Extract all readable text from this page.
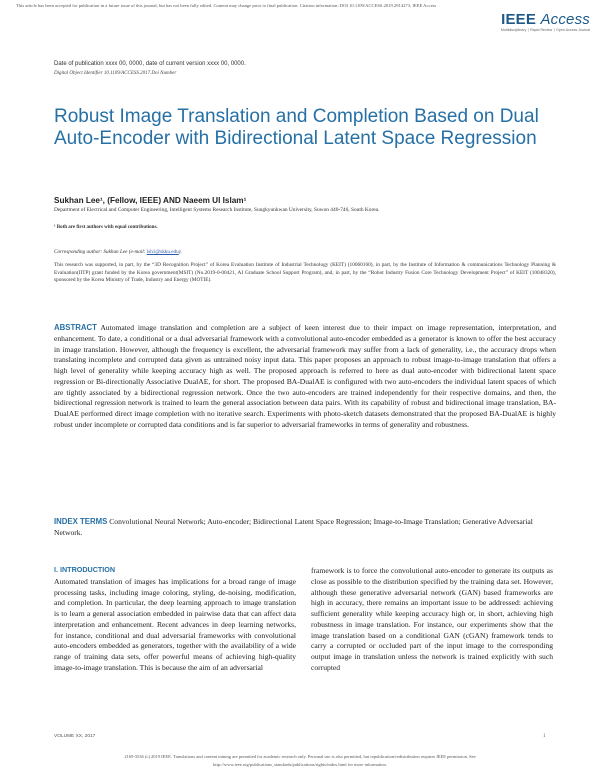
This article has been accepted for publication in a future issue of this journal, but has not been fully edited. Content may change prior to final publication. Citation information: DOI 10.1109/ACCESS.2019.2914273, IEEE Access
IEEE Access
Multidisciplinary ∣ Rapid Review ∣ Open Access Journal
Date of publication xxxx 00, 0000, date of current version xxxx 00, 0000.
Digital Object Identifier 10.1109/ACCESS.2017.Doi Number
Robust Image Translation and Completion Based on Dual Auto-Encoder with Bidirectional Latent Space Regression
Sukhan Lee¹, (Fellow, IEEE) AND Naeem Ul Islam¹
Department of Electrical and Computer Engineering, Intelligent Systems Research Institute, Sungkyunkwan University, Suwon 440-746, South Korea.
¹ Both are first authors with equal contributions.
Corresponding author: Sukhan Lee (e-mail: lsh1@skku.edu).
This research was supported, in part, by the “3D Recognition Project” of Korea Evaluation Institute of Industrial Technology (KEIT) (10060160), in part, by the Institute of Information & communications Technology Planning & Evaluation(IITP) grant funded by the Korea government(MSIT) (No.2019-0-00421, AI Graduate School Support Program), and, in part, by the “Robot Industry Fusion Core Technology Development Project” of KEIT (10048320), sponsored by the Korea Ministry of Trade, Industry and Energy (MOTIE).
ABSTRACT Automated image translation and completion are a subject of keen interest due to their impact on image representation, interpretation, and enhancement. To date, a conditional or a dual adversarial framework with a convolutional auto-encoder embedded as a generator is known to offer the best accuracy in image translation. However, although the frequency is excellent, the adversarial framework may suffer from a lack of generality, i.e., the accuracy drops when translating incomplete and corrupted data given as untrained noisy input data. This paper proposes an approach to robust image-to-image translation that offers a high level of generality while keeping accuracy high as well. The proposed approach is referred to here as dual auto-encoder with bidirectional latent space regression or Bi-directionally Associative DualAE, for short. The proposed BA-DualAE is configured with two auto-encoders the individual latent spaces of which are tightly associated by a bidirectional regression network. Once the two auto-encoders are trained independently for their respective domains, and then, the bidirectional regression network is trained to learn the general association between data pairs. With its capability of robust and bidirectional image translation, BA-DualAE performed direct image completion with no iterative search. Experiments with photo-sketch datasets demonstrated that the proposed BA-DualAE is highly robust under incomplete or corrupted data conditions and is far superior to adversarial frameworks in terms of generality and robustness.
INDEX TERMS Convolutional Neural Network; Auto-encoder; Bidirectional Latent Space Regression; Image-to-Image Translation; Generative Adversarial Network.
I. INTRODUCTION
Automated translation of images has implications for a broad range of image processing tasks, including image coloring, styling, de-noising, modification, and completion. In particular, the deep learning approach to image translation is to learn a general association embedded in pairwise data that can affect data interpretation and enhancement. Recent advances in deep learning networks, for instance, conditional and dual adversarial frameworks with convolutional auto-encoders embedded as generators, together with the availability of a wide range of training data sets, offer powerful means of achieving high-quality image-to-image translation. This is because the aim of an adversarial
framework is to force the convolutional auto-encoder to generate its outputs as close as possible to the distribution specified by the training data set. However, although these generative adversarial network (GAN) based frameworks are high in accuracy, there remains an important issue to be addressed: achieving sufficient generality while keeping accuracy high or, in short, achieving high robustness in image translation. For instance, our experiments show that the image translation based on a conditional GAN (cGAN) framework tends to carry a corrupted or occluded part of the input image to the corresponding output image in translation unless the network is trained explicitly with such corrupted
VOLUME XX, 2017	1
2169-3536 (c) 2019 IEEE. Translations and content mining are permitted for academic research only. Personal use is also permitted, but republication/redistribution requires IEEE permission. See
http://www.ieee.org/publications_standards/publications/rights/index.html for more information.
